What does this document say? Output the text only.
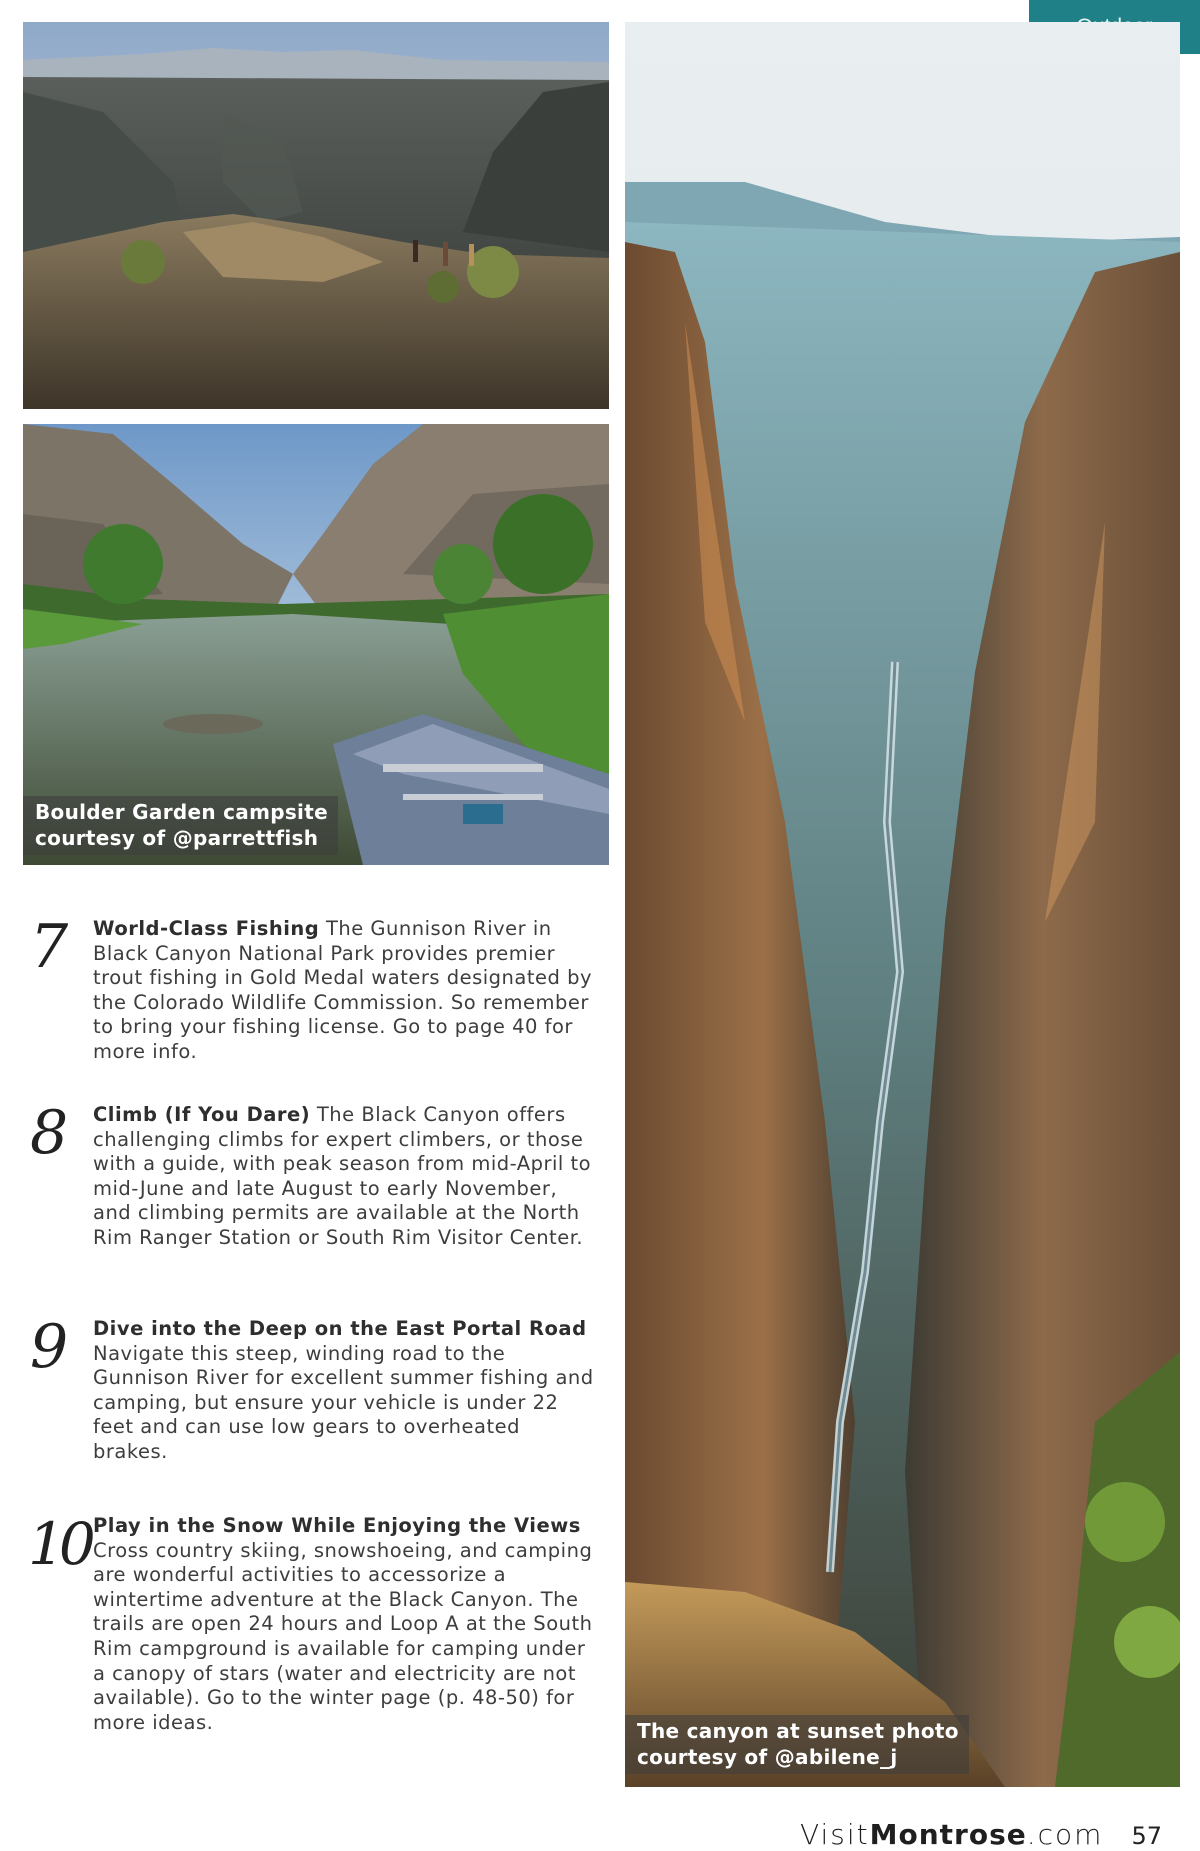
Boulder Garden campsite
courtesy of @parrettfish
The canyon at sunset photo
courtesy of @abilene_j
7 World-Class Fishing The Gunnison River in Black Canyon National Park provides premier trout fishing in Gold Medal waters designated by the Colorado Wildlife Commission. So remember to bring your fishing license. Go to page 40 for more info.
8 Climb (If You Dare) The Black Canyon offers challenging climbs for expert climbers, or those with a guide, with peak season from mid-April to mid-June and late August to early November, and climbing permits are available at the North Rim Ranger Station or South Rim Visitor Center.
9 Dive into the Deep on the East Portal Road Navigate this steep, winding road to the Gunnison River for excellent summer fishing and camping, but ensure your vehicle is under 22 feet and can use low gears to overheated brakes.
10 Play in the Snow While Enjoying the Views Cross country skiing, snowshoeing, and camping are wonderful activities to accessorize a wintertime adventure at the Black Canyon. The trails are open 24 hours and Loop A at the South Rim campground is available for camping under a canopy of stars (water and electricity are not available). Go to the winter page (p. 48-50) for more ideas.
VisitMontrose.com 57
